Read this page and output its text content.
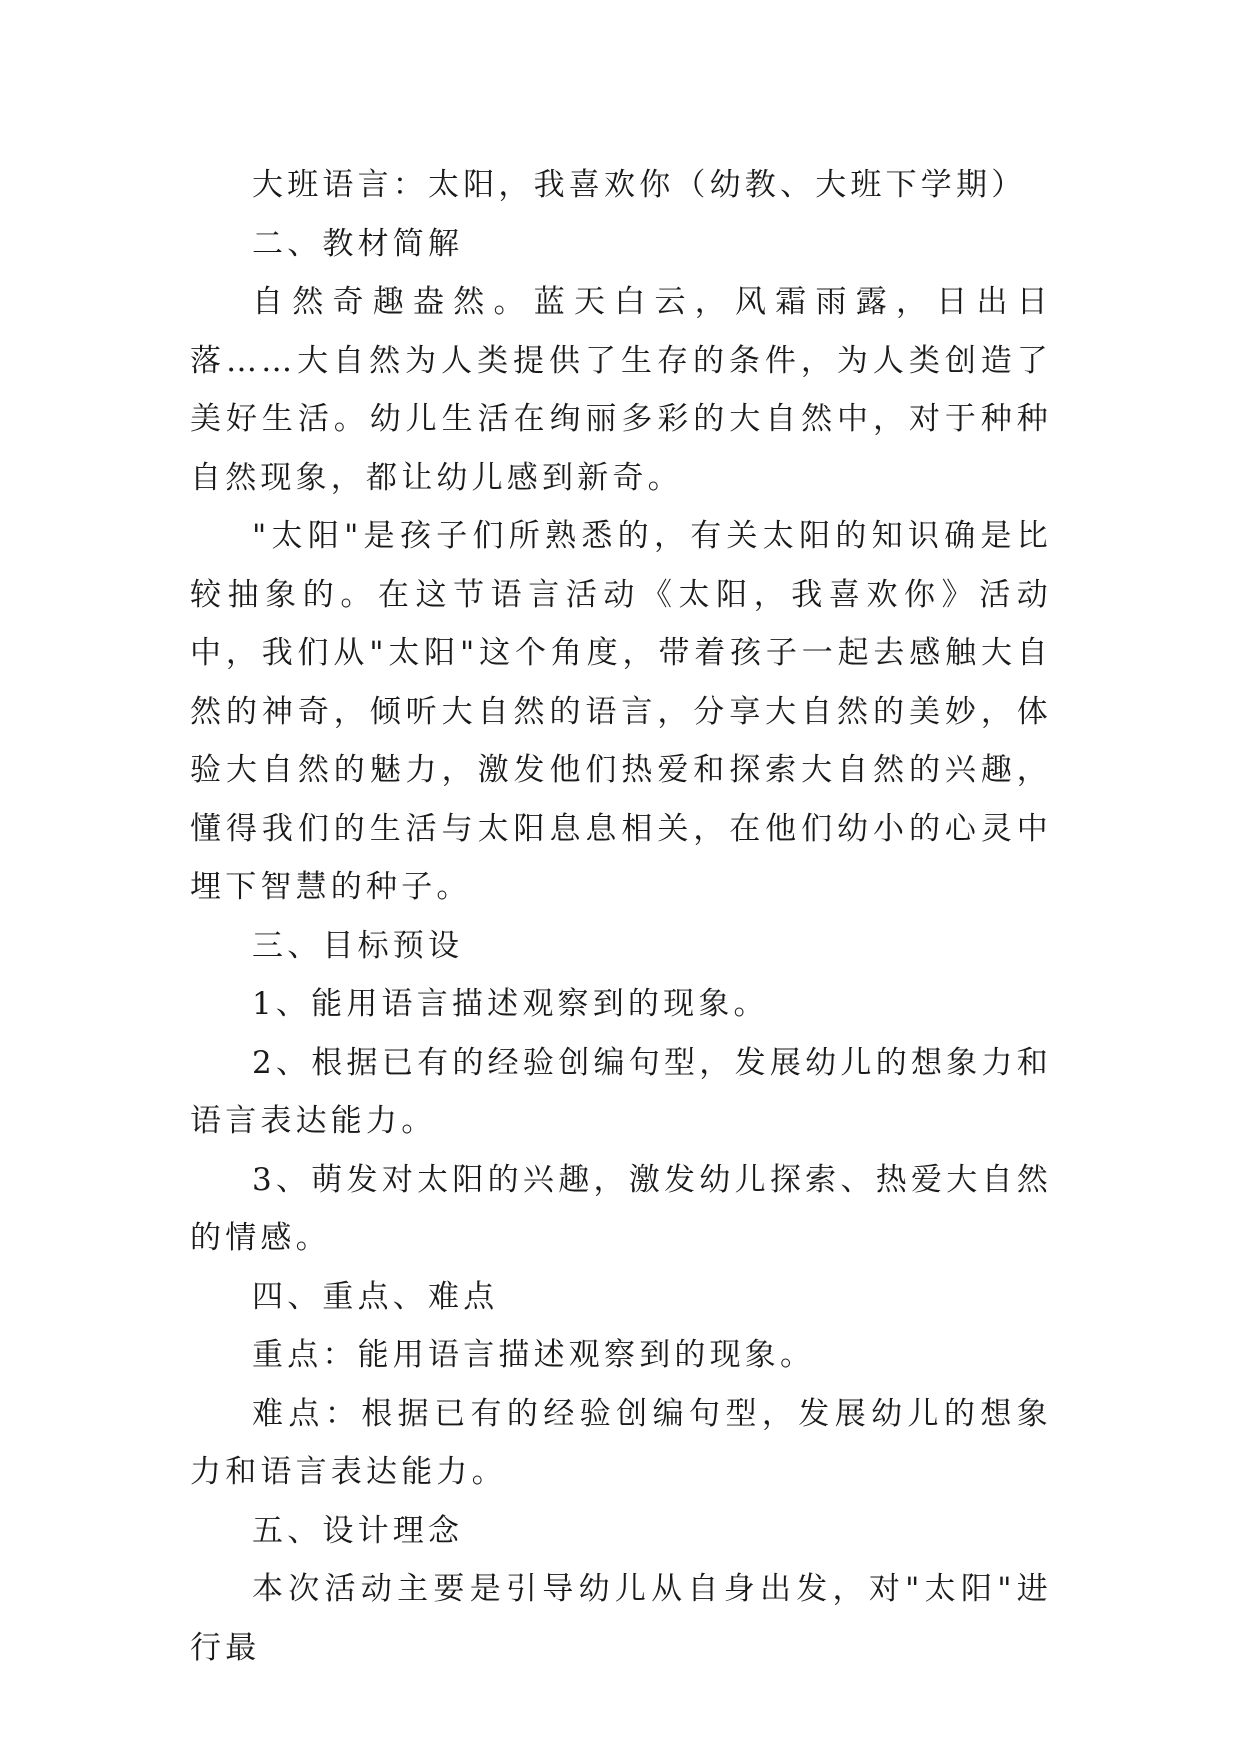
大班语言：太阳，我喜欢你（幼教、大班下学期）

二、教材简解

自然奇趣盎然。蓝天白云，风霜雨露，日出日落……大自然为人类提供了生存的条件，为人类创造了美好生活。幼儿生活在绚丽多彩的大自然中，对于种种自然现象，都让幼儿感到新奇。

"太阳"是孩子们所熟悉的，有关太阳的知识确是比较抽象的。在这节语言活动《太阳，我喜欢你》活动中，我们从"太阳"这个角度，带着孩子一起去感触大自然的神奇，倾听大自然的语言，分享大自然的美妙，体验大自然的魅力，激发他们热爱和探索大自然的兴趣，懂得我们的生活与太阳息息相关，在他们幼小的心灵中埋下智慧的种子。

三、目标预设

1、能用语言描述观察到的现象。

2、根据已有的经验创编句型，发展幼儿的想象力和语言表达能力。

3、萌发对太阳的兴趣，激发幼儿探索、热爱大自然的情感。

四、重点、难点

重点：能用语言描述观察到的现象。

难点：根据已有的经验创编句型，发展幼儿的想象力和语言表达能力。

五、设计理念

本次活动主要是引导幼儿从自身出发，对"太阳"进行最
